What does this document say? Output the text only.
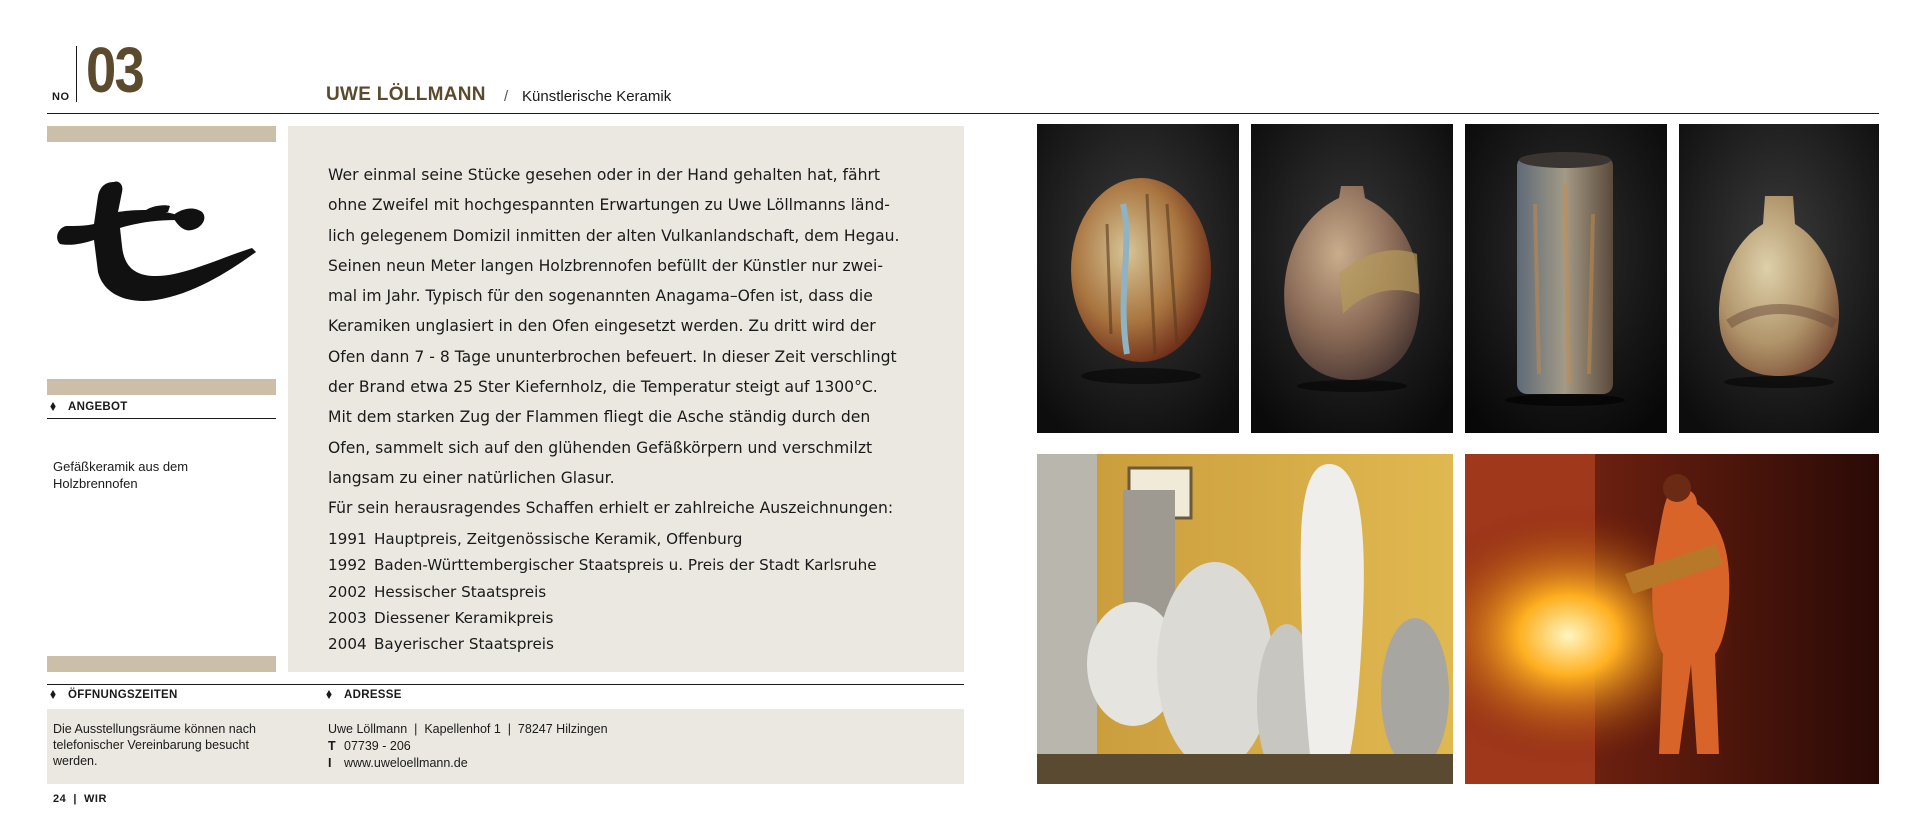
NO 03	UWE LÖLLMANN / Künstlerische Keramik
ANGEBOT
Gefäßkeramik aus dem Holzbrennofen
Wer einmal seine Stücke gesehen oder in der Hand gehalten hat, fährt
ohne Zweifel mit hochgespannten Erwartungen zu Uwe Löllmanns länd-
lich gelegenem Domizil inmitten der alten Vulkanlandschaft, dem Hegau.
Seinen neun Meter langen Holzbrennofen befüllt der Künstler nur zwei-
mal im Jahr. Typisch für den sogenannten Anagama–Ofen ist, dass die
Keramiken unglasiert in den Ofen eingesetzt werden. Zu dritt wird der
Ofen dann 7 - 8 Tage ununterbrochen befeuert. In dieser Zeit verschlingt
der Brand etwa 25 Ster Kiefernholz, die Temperatur steigt auf 1300°C.
Mit dem starken Zug der Flammen fliegt die Asche ständig durch den
Ofen, sammelt sich auf den glühenden Gefäßkörpern und verschmilzt
langsam zu einer natürlichen Glasur.
Für sein herausragendes Schaffen erhielt er zahlreiche Auszeichnungen:
1991 Hauptpreis, Zeitgenössische Keramik, Offenburg
1992 Baden-Württembergischer Staatspreis u. Preis der Stadt Karlsruhe
2002 Hessischer Staatspreis
2003 Diessener Keramikpreis
2004 Bayerischer Staatspreis
ÖFFNUNGSZEITEN	ADRESSE
Die Ausstellungsräume können nach telefonischer Vereinbarung besucht werden.
Uwe Löllmann  |  Kapellenhof 1  |  78247 Hilzingen
T 07739 - 206
I www.uweloellmann.de
24  |  WIR
